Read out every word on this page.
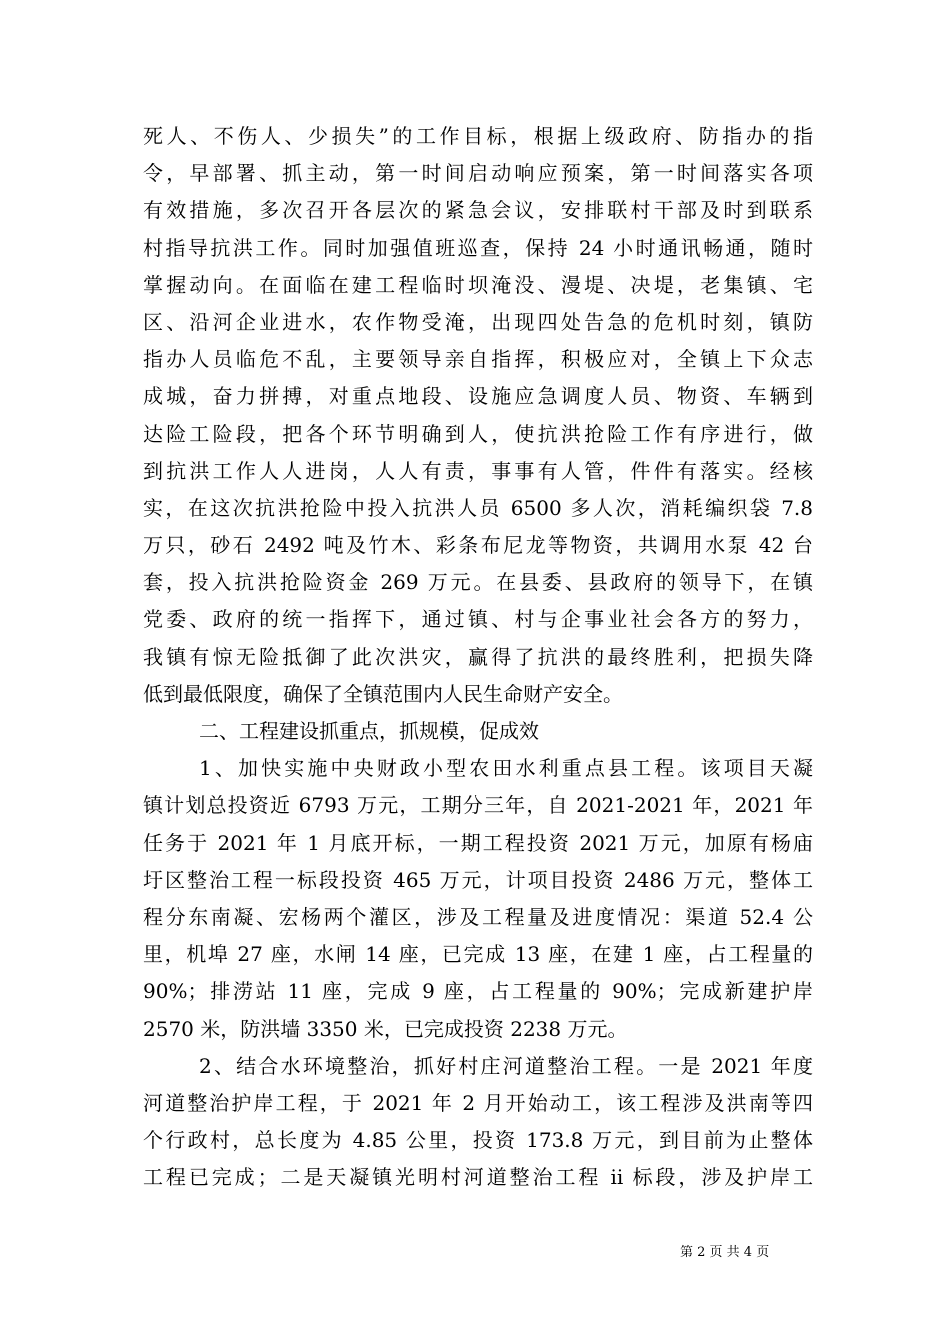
死人、不伤人、少损失”的工作目标，根据上级政府、防指办的指
令，早部署、抓主动，第一时间启动响应预案，第一时间落实各项
有效措施，多次召开各层次的紧急会议，安排联村干部及时到联系
村指导抗洪工作。同时加强值班巡查，保持 24 小时通讯畅通，随时
掌握动向。在面临在建工程临时坝淹没、漫堤、决堤，老集镇、宅
区、沿河企业进水，农作物受淹，出现四处告急的危机时刻，镇防
指办人员临危不乱，主要领导亲自指挥，积极应对，全镇上下众志
成城，奋力拼搏，对重点地段、设施应急调度人员、物资、车辆到
达险工险段，把各个环节明确到人，使抗洪抢险工作有序进行，做
到抗洪工作人人进岗，人人有责，事事有人管，件件有落实。经核
实，在这次抗洪抢险中投入抗洪人员 6500 多人次，消耗编织袋 7.8
万只，砂石 2492 吨及竹木、彩条布尼龙等物资，共调用水泵 42 台
套，投入抗洪抢险资金 269 万元。在县委、县政府的领导下，在镇
党委、政府的统一指挥下，通过镇、村与企事业社会各方的努力，
我镇有惊无险抵御了此次洪灾，赢得了抗洪的最终胜利，把损失降
低到最低限度，确保了全镇范围内人民生命财产安全。
二、工程建设抓重点，抓规模，促成效
1、加快实施中央财政小型农田水利重点县工程。该项目天凝
镇计划总投资近 6793 万元，工期分三年，自 2021-2021 年，2021 年
任务于 2021 年 1 月底开标，一期工程投资 2021 万元，加原有杨庙
圩区整治工程一标段投资 465 万元，计项目投资 2486 万元，整体工
程分东南凝、宏杨两个灌区，涉及工程量及进度情况：渠道 52.4 公
里，机埠 27 座，水闸 14 座，已完成 13 座，在建 1 座，占工程量的
90%；排涝站 11 座，完成 9 座，占工程量的 90%；完成新建护岸
2570 米，防洪墙 3350 米，已完成投资 2238 万元。
2、结合水环境整治，抓好村庄河道整治工程。一是 2021 年度
河道整治护岸工程，于 2021 年 2 月开始动工，该工程涉及洪南等四
个行政村，总长度为 4.85 公里，投资 173.8 万元，到目前为止整体
工程已完成；二是天凝镇光明村河道整治工程 ii 标段，涉及护岸工
第 2 页 共 4 页
